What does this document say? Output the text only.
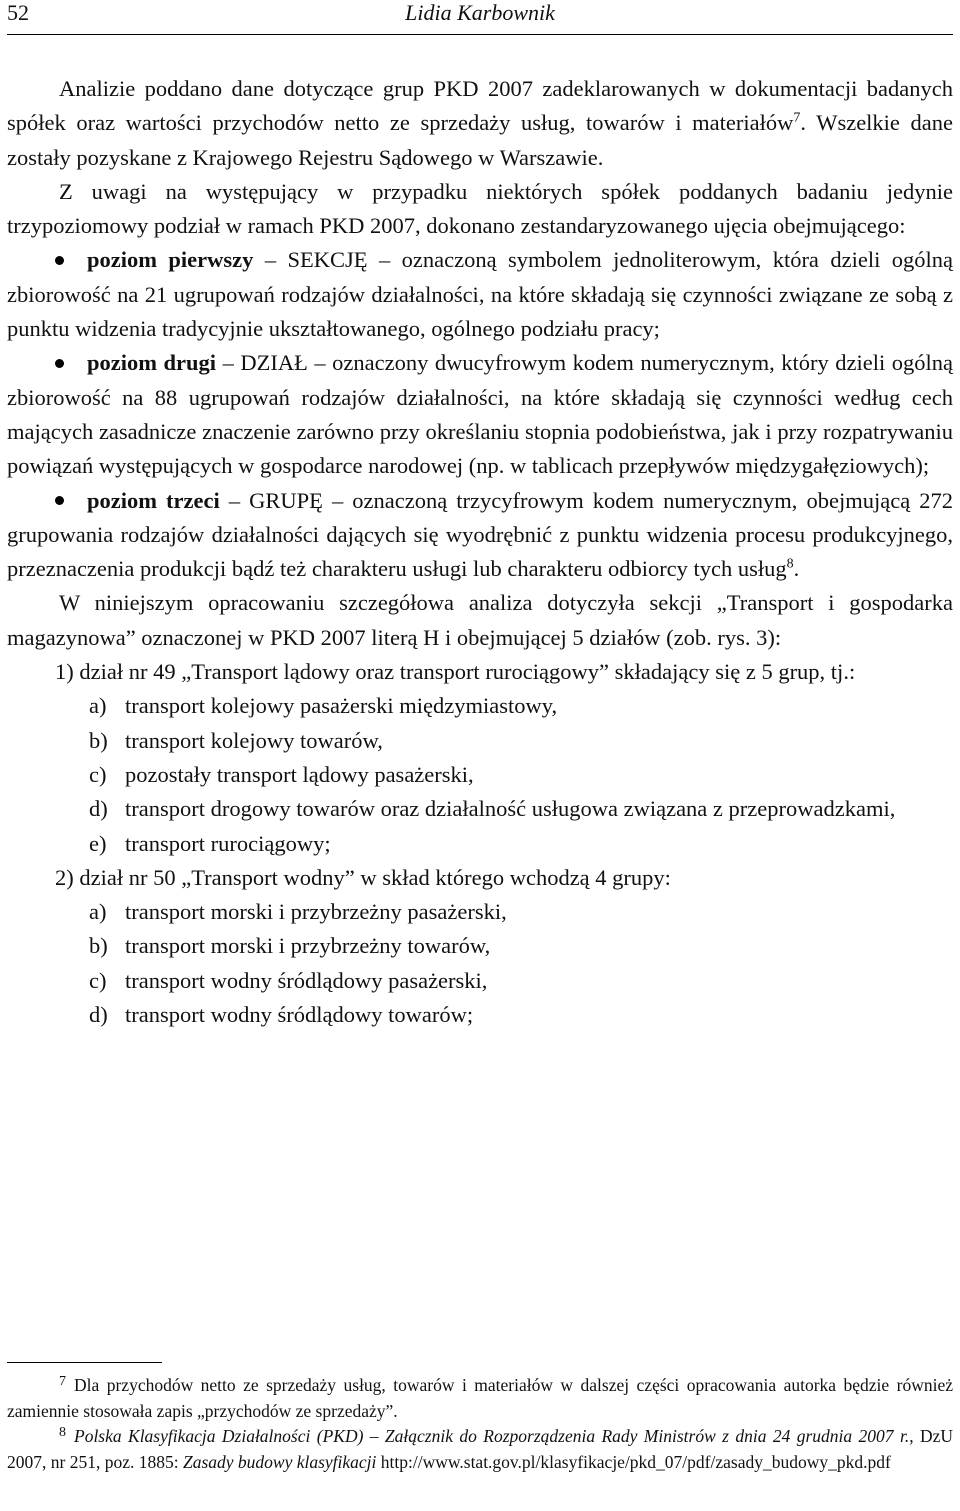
52	Lidia Karbownik

Analizie poddano dane dotyczące grup PKD 2007 zadeklarowanych w dokumentacji badanych spółek oraz wartości przychodów netto ze sprzedaży usług, towarów i materiałów$^7$. Wszelkie dane zostały pozyskane z Krajowego Rejestru Sądowego w Warszawie.

Z uwagi na występujący w przypadku niektórych spółek poddanych badaniu jedynie trzypoziomowy podział w ramach PKD 2007, dokonano zestandaryzowanego ujęcia obejmującego:

poziom pierwszy – SEKCJĘ – oznaczoną symbolem jednoliterowym, która dzieli ogólną zbiorowość na 21 ugrupowań rodzajów działalności, na które składają się czynności związane ze sobą z punktu widzenia tradycyjnie ukształtowanego, ogólnego podziału pracy;

poziom drugi – DZIAŁ – oznaczony dwucyfrowym kodem numerycznym, który dzieli ogólną zbiorowość na 88 ugrupowań rodzajów działalności, na które składają się czynności według cech mających zasadnicze znaczenie zarówno przy określaniu stopnia podobieństwa, jak i przy rozpatrywaniu powiązań występujących w gospodarce narodowej (np. w tablicach przepływów międzygałęziowych);

poziom trzeci – GRUPĘ – oznaczoną trzycyfrowym kodem numerycznym, obejmującą 272 grupowania rodzajów działalności dających się wyodrębnić z punktu widzenia procesu produkcyjnego, przeznaczenia produkcji bądź też charakteru usługi lub charakteru odbiorcy tych usług$^8$.

W niniejszym opracowaniu szczegółowa analiza dotyczyła sekcji „Transport i gospodarka magazynowa” oznaczonej w PKD 2007 literą H i obejmującej 5 działów (zob. rys. 3):

1) dział nr 49 „Transport lądowy oraz transport rurociągowy” składający się z 5 grup, tj.:

a) transport kolejowy pasażerski międzymiastowy,

b) transport kolejowy towarów,

c) pozostały transport lądowy pasażerski,

d) transport drogowy towarów oraz działalność usługowa związana z przeprowadzkami,

e) transport rurociągowy;

2) dział nr 50 „Transport wodny” w skład którego wchodzą 4 grupy:

a) transport morski i przybrzeżny pasażerski,

b) transport morski i przybrzeżny towarów,

c) transport wodny śródlądowy pasażerski,

d) transport wodny śródlądowy towarów;

7 Dla przychodów netto ze sprzedaży usług, towarów i materiałów w dalszej części opracowania autorka będzie również zamiennie stosowała zapis „przychodów ze sprzedaży”.

8 Polska Klasyfikacja Działalności (PKD) – Załącznik do Rozporządzenia Rady Ministrów z dnia 24 grudnia 2007 r., DzU 2007, nr 251, poz. 1885: Zasady budowy klasyfikacji http://www.stat.gov.pl/klasyfikacje/pkd_07/pdf/zasady_budowy_pkd.pdf
